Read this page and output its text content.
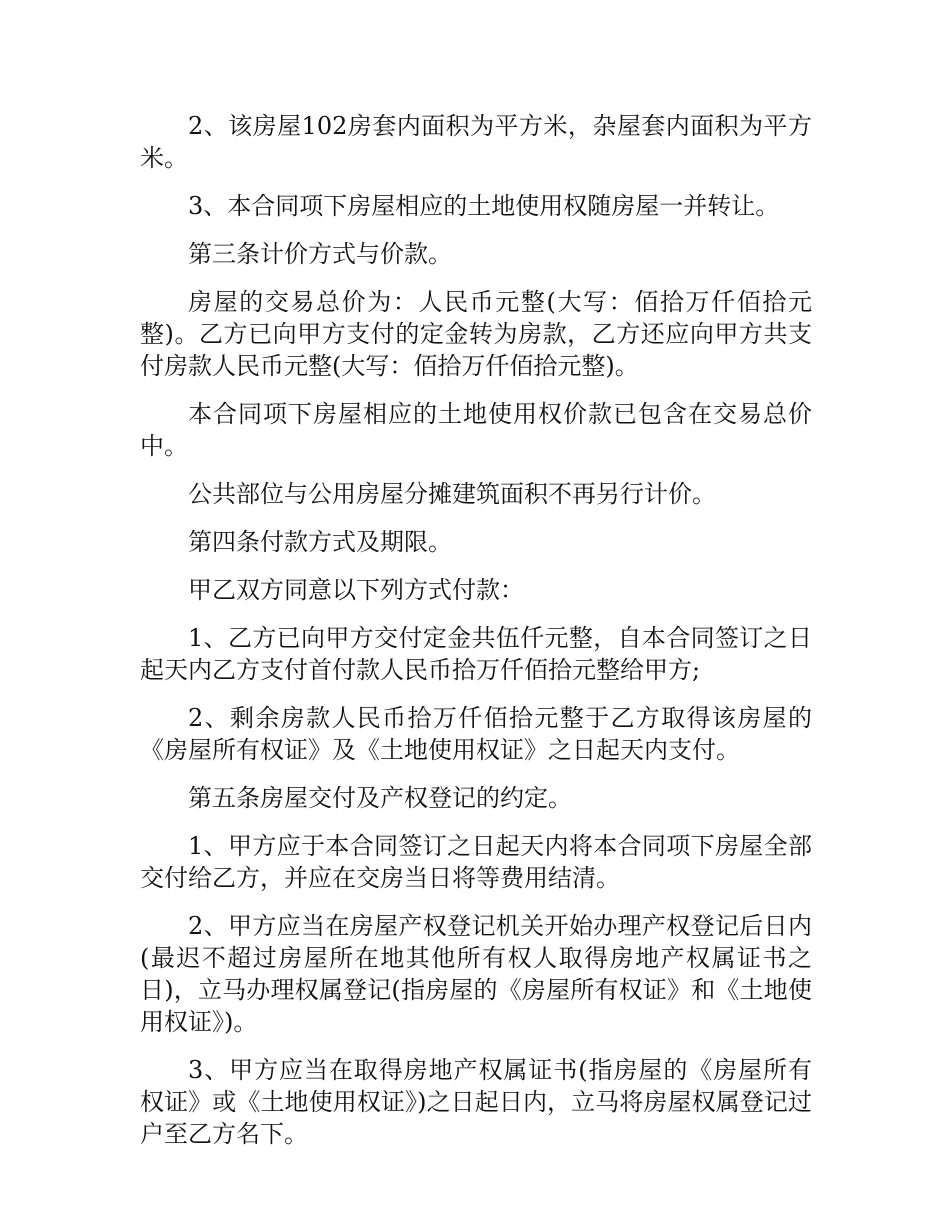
2、该房屋102房套内面积为平方米，杂屋套内面积为平方米。

3、本合同项下房屋相应的土地使用权随房屋一并转让。

第三条计价方式与价款。

房屋的交易总价为：人民币元整(大写：佰拾万仟佰拾元整)。乙方已向甲方支付的定金转为房款，乙方还应向甲方共支付房款人民币元整(大写：佰拾万仟佰拾元整)。

本合同项下房屋相应的土地使用权价款已包含在交易总价中。

公共部位与公用房屋分摊建筑面积不再另行计价。

第四条付款方式及期限。

甲乙双方同意以下列方式付款：

1、乙方已向甲方交付定金共伍仟元整，自本合同签订之日起天内乙方支付首付款人民币拾万仟佰拾元整给甲方;

2、剩余房款人民币拾万仟佰拾元整于乙方取得该房屋的《房屋所有权证》及《土地使用权证》之日起天内支付。

第五条房屋交付及产权登记的约定。

1、甲方应于本合同签订之日起天内将本合同项下房屋全部交付给乙方，并应在交房当日将等费用结清。

2、甲方应当在房屋产权登记机关开始办理产权登记后日内(最迟不超过房屋所在地其他所有权人取得房地产权属证书之日)，立马办理权属登记(指房屋的《房屋所有权证》和《土地使用权证》)。

3、甲方应当在取得房地产权属证书(指房屋的《房屋所有权证》或《土地使用权证》)之日起日内，立马将房屋权属登记过户至乙方名下。
